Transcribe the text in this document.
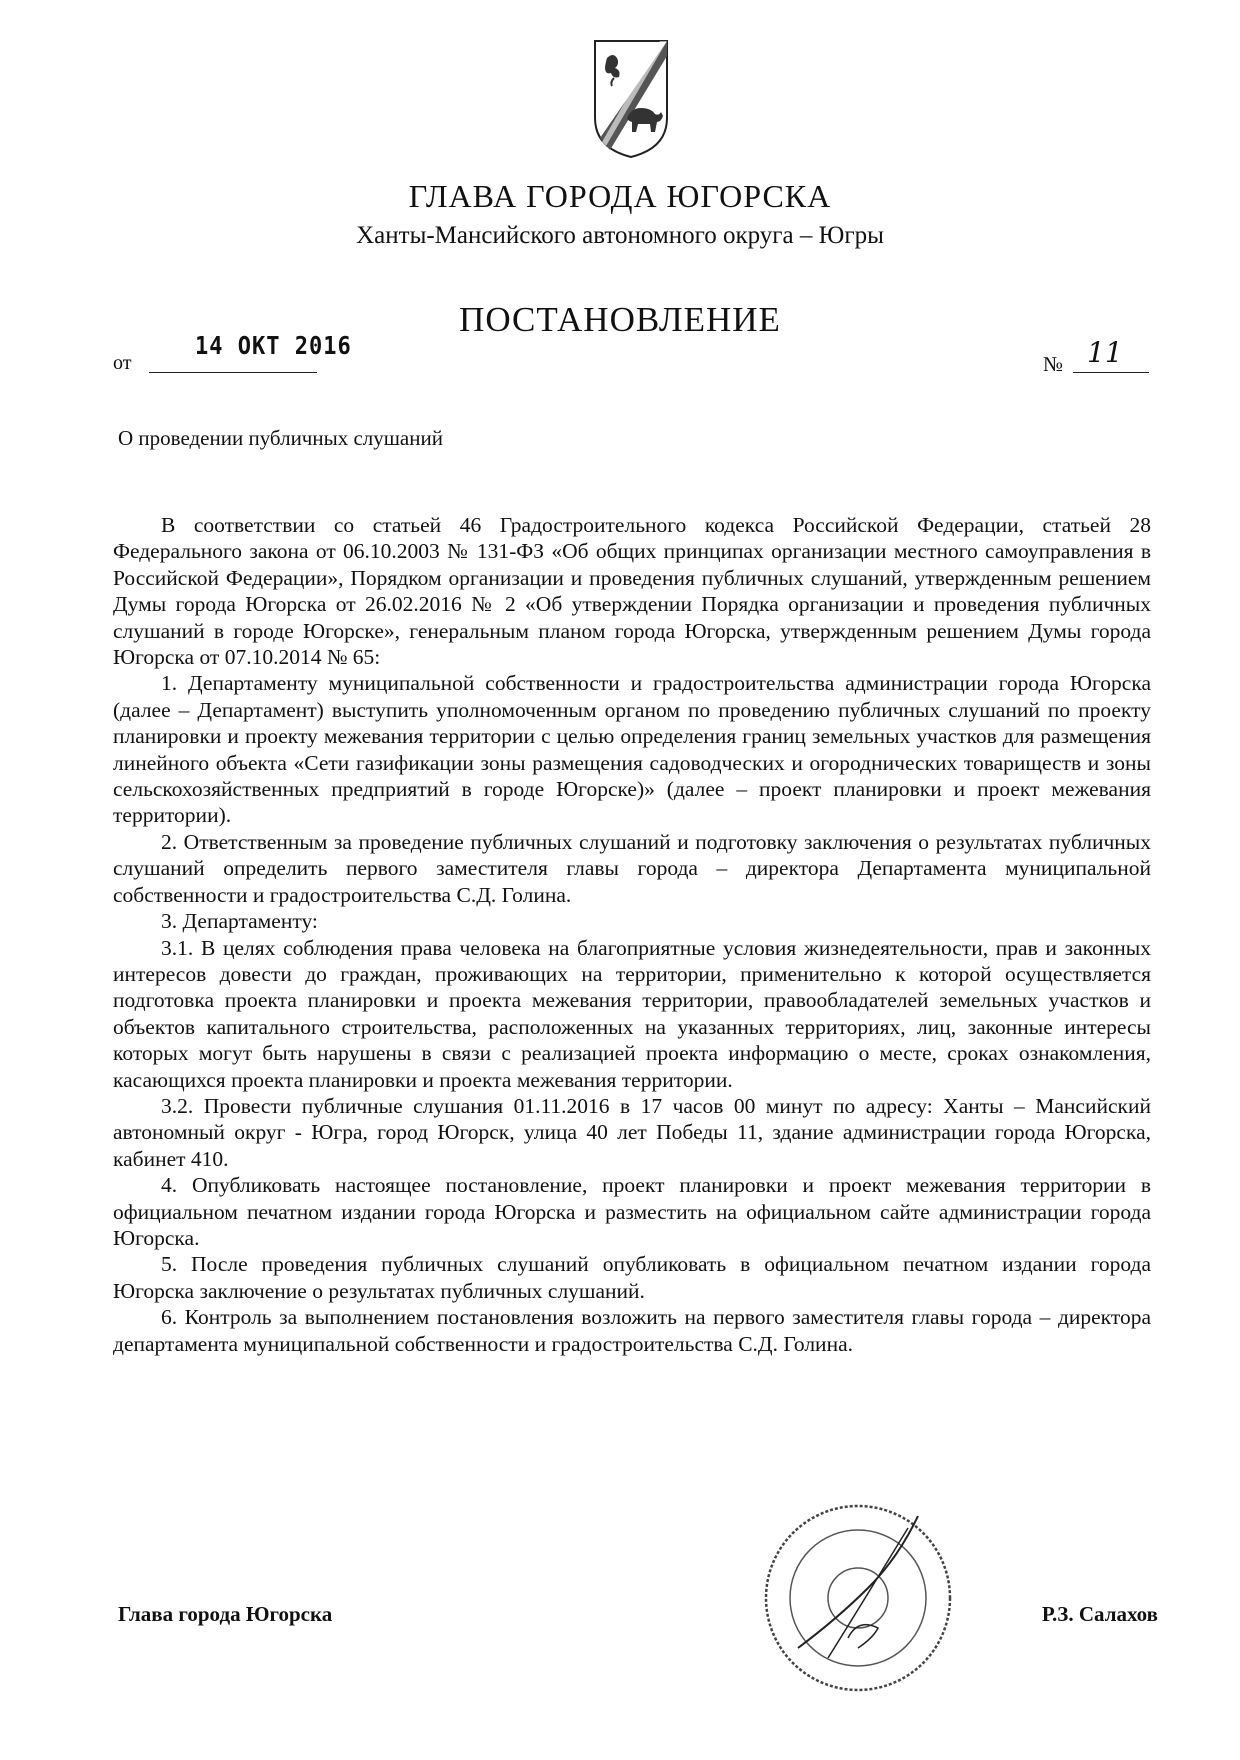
ГЛАВА ГОРОДА ЮГОРСКА
Ханты-Мансийского автономного округа – Югры
ПОСТАНОВЛЕНИЕ
от
14 ОКТ 2016
№ 11
О проведении публичных слушаний

В соответствии со статьей 46 Градостроительного кодекса Российской Федерации, статьей 28 Федерального закона от 06.10.2003 № 131-ФЗ «Об общих принципах организации местного самоуправления в Российской Федерации», Порядком организации и проведения публичных слушаний, утвержденным решением Думы города Югорска от 26.02.2016 № 2 «Об утверждении Порядка организации и проведения публичных слушаний в городе Югорске», генеральным планом города Югорска, утвержденным решением Думы города Югорска от 07.10.2014 № 65:

1. Департаменту муниципальной собственности и градостроительства администрации города Югорска (далее – Департамент) выступить уполномоченным органом по проведению публичных слушаний по проекту планировки и проекту межевания территории с целью определения границ земельных участков для размещения линейного объекта «Сети газификации зоны размещения садоводческих и огороднических товариществ и зоны сельскохозяйственных предприятий в городе Югорске)» (далее – проект планировки и проект межевания территории).

2. Ответственным за проведение публичных слушаний и подготовку заключения о результатах публичных слушаний определить первого заместителя главы города – директора Департамента муниципальной собственности и градостроительства С.Д. Голина.

3. Департаменту:

3.1. В целях соблюдения права человека на благоприятные условия жизнедеятельности, прав и законных интересов довести до граждан, проживающих на территории, применительно к которой осуществляется подготовка проекта планировки и проекта межевания территории, правообладателей земельных участков и объектов капитального строительства, расположенных на указанных территориях, лиц, законные интересы которых могут быть нарушены в связи с реализацией проекта информацию о месте, сроках ознакомления, касающихся проекта планировки и проекта межевания территории.

3.2. Провести публичные слушания 01.11.2016 в 17 часов 00 минут по адресу: Ханты – Мансийский автономный округ - Югра, город Югорск, улица 40 лет Победы 11, здание администрации города Югорска, кабинет 410.

4. Опубликовать настоящее постановление, проект планировки и проект межевания территории в официальном печатном издании города Югорска и разместить на официальном сайте администрации города Югорска.

5. После проведения публичных слушаний опубликовать в официальном печатном издании города Югорска заключение о результатах публичных слушаний.

6. Контроль за выполнением постановления возложить на первого заместителя главы города – директора департамента муниципальной собственности и градостроительства С.Д. Голина.

Глава города Югорска	Р.З. Салахов
